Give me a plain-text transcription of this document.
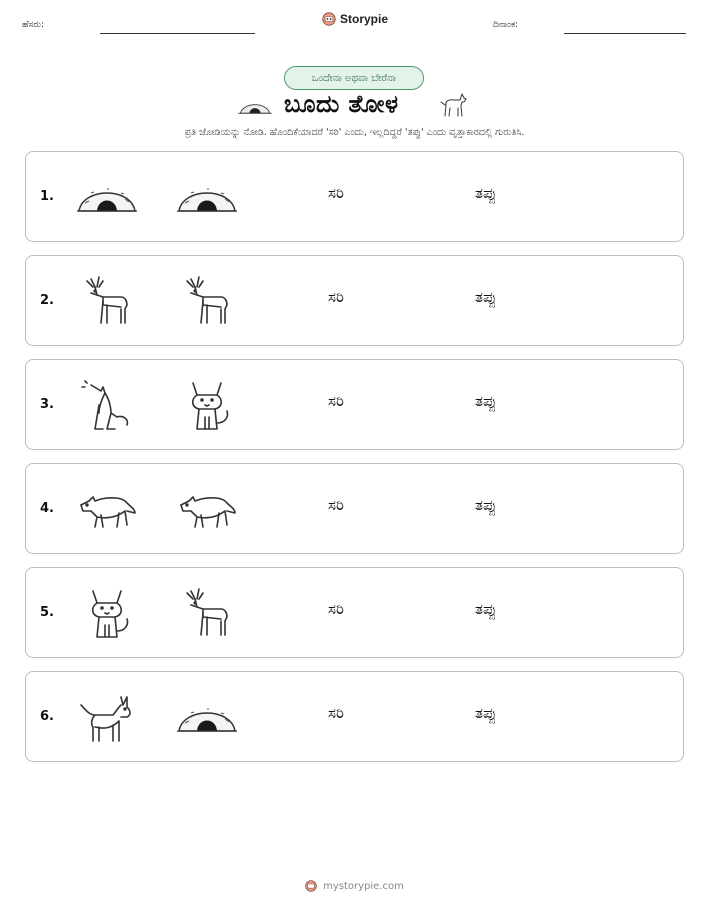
ಹೆಸರು:	Storypie	ದಿನಾಂಕ:
ಒಂದೇನಾ ಅಥವಾ ಬೇರೆನಾ
ಬೂದು ತೋಳ
ಪ್ರತಿ ಜೋಡಿಯನ್ನು ನೋಡಿ. ಹೊಂದಿಕೆಯಾದರೆ 'ಸರಿ' ಎಂದು, ಇಲ್ಲದಿದ್ದರೆ 'ತಪ್ಪು' ಎಂದು ವೃತ್ತಾಕಾರದಲ್ಲಿ ಗುರುತಿಸಿ.
1.	ಸರಿ	ತಪ್ಪು
2.	ಸರಿ	ತಪ್ಪು
3.	ಸರಿ	ತಪ್ಪು
4.	ಸರಿ	ತಪ್ಪು
5.	ಸರಿ	ತಪ್ಪು
6.	ಸರಿ	ತಪ್ಪು
mystorypie.com
